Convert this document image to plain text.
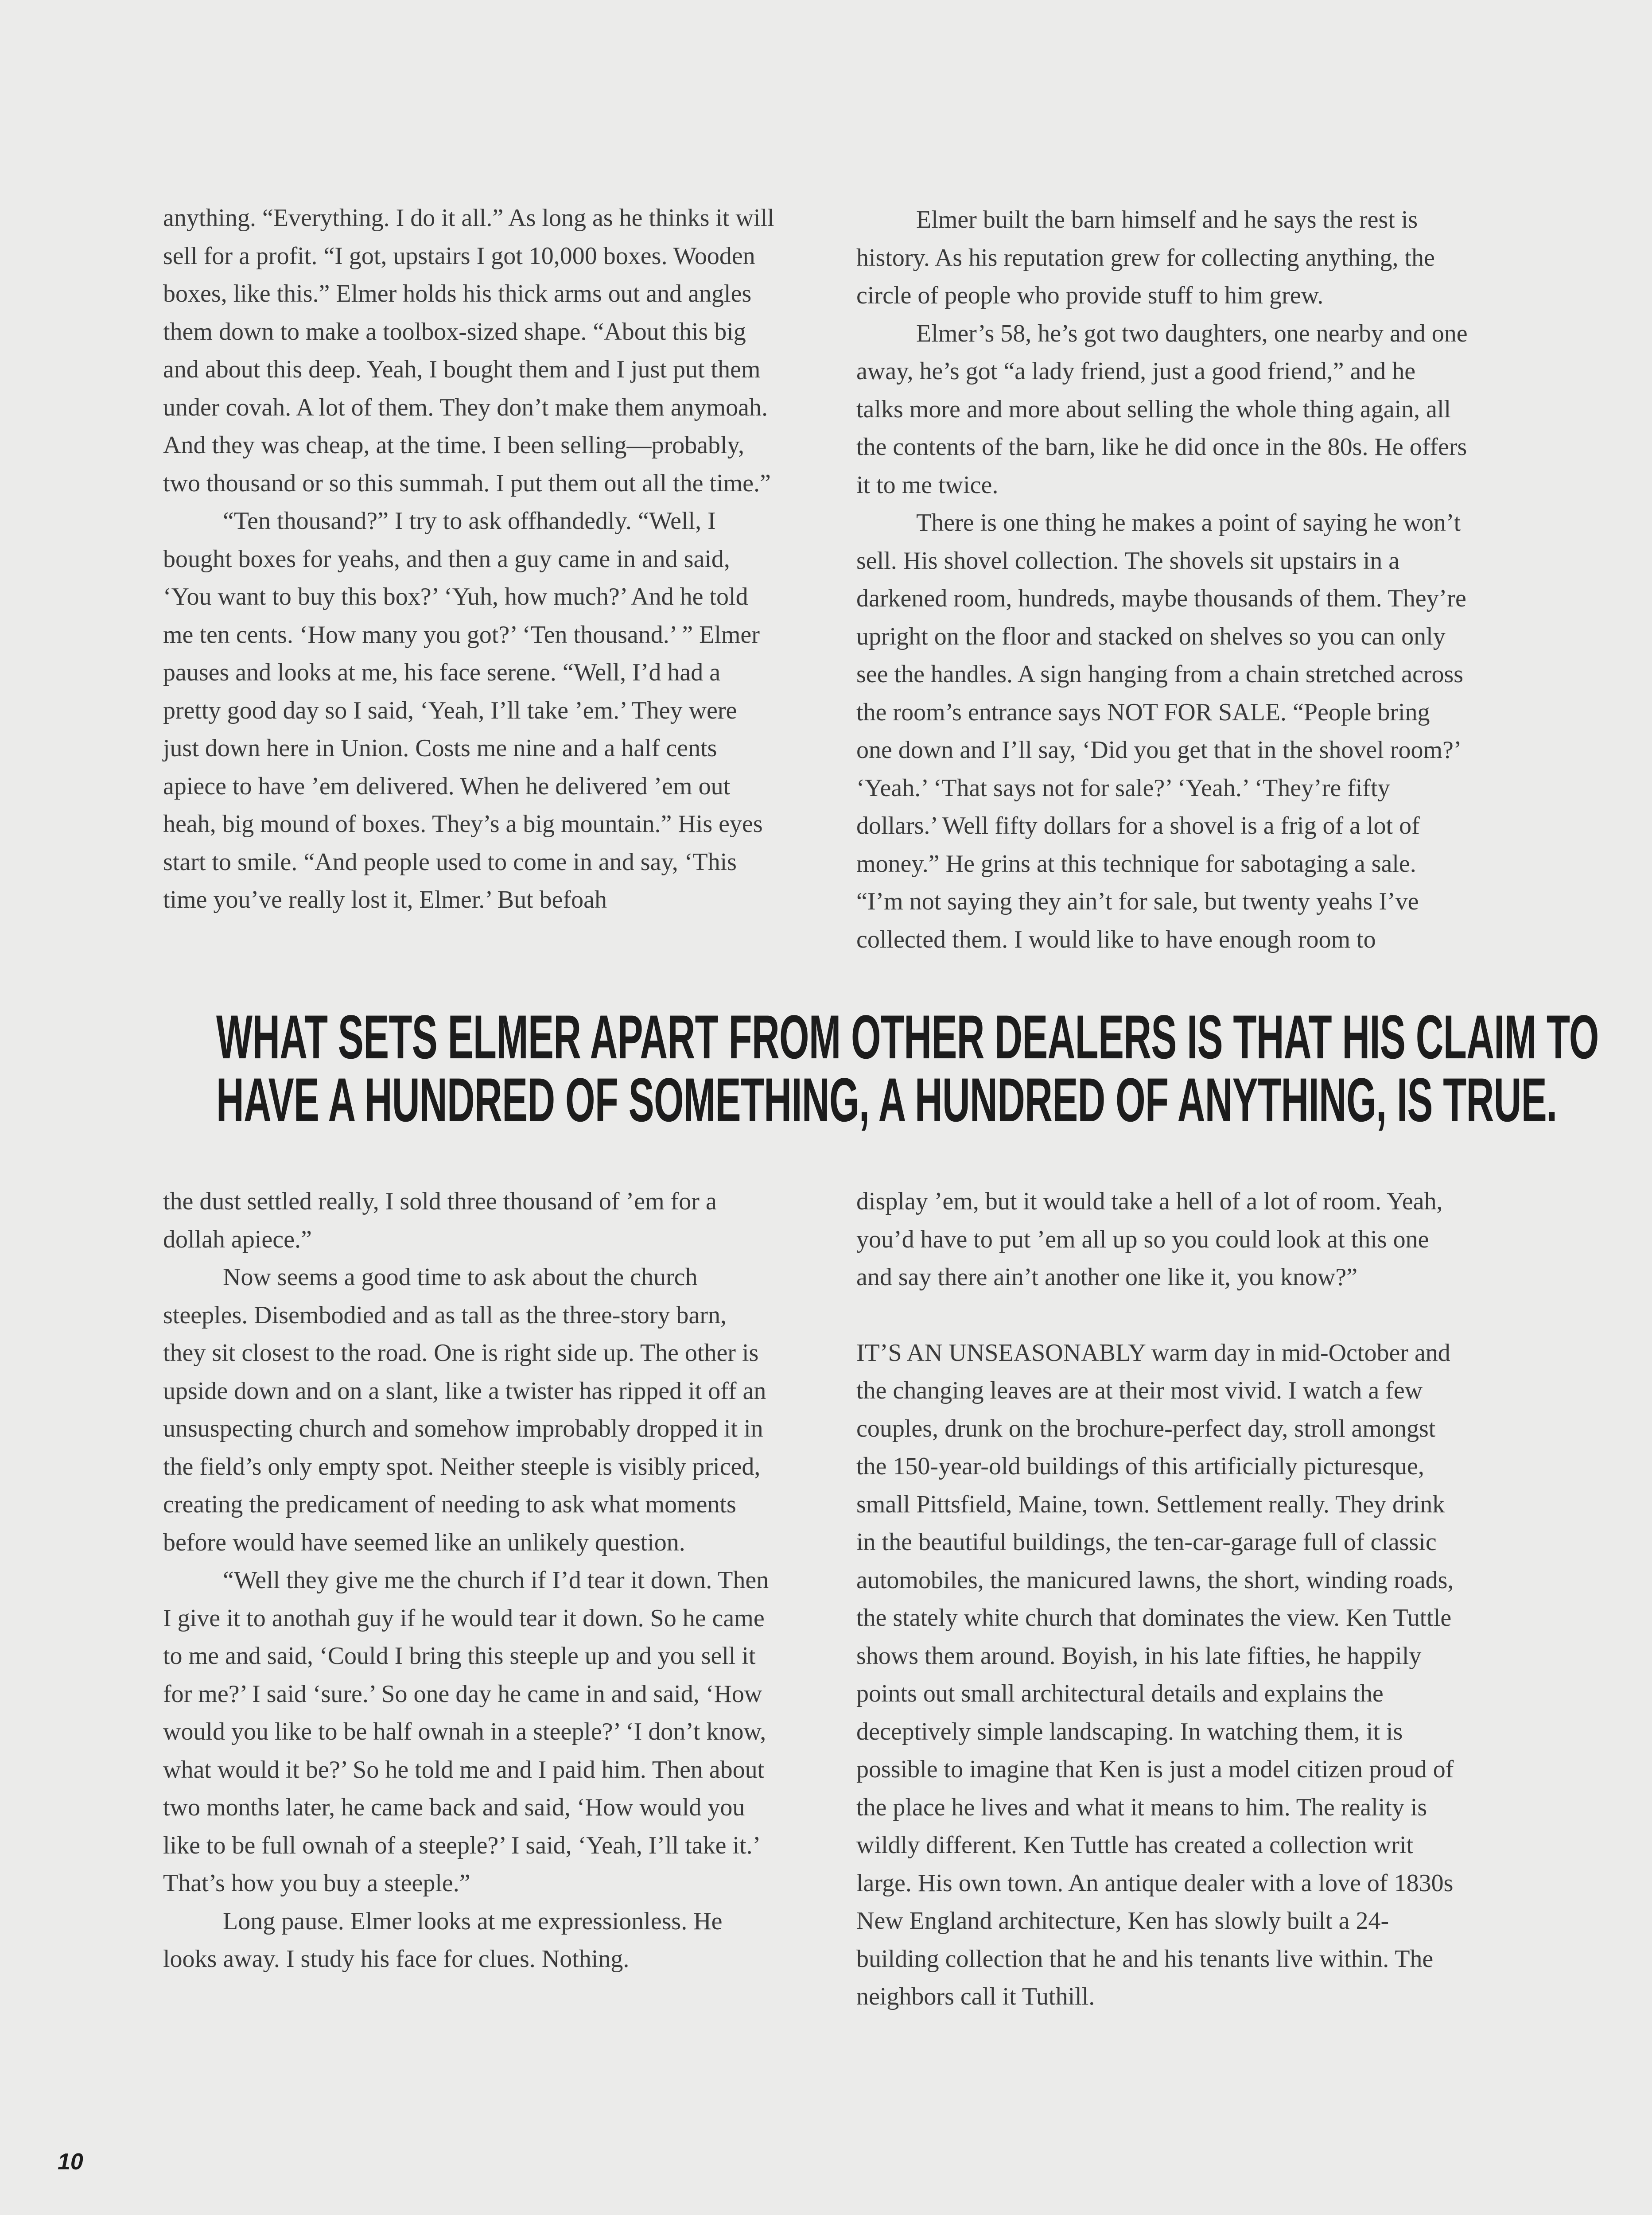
anything. “Everything. I do it all.” As long as he thinks it will sell for a profit. “I got, upstairs I got 10,000 boxes. Wooden boxes, like this.” Elmer holds his thick arms out and angles them down to make a toolbox-sized shape. “About this big and about this deep. Yeah, I bought them and I just put them under covah. A lot of them. They don’t make them anymoah. And they was cheap, at the time. I been selling—probably, two thousand or so this summah. I put them out all the time.”

“Ten thousand?” I try to ask offhandedly. “Well, I bought boxes for yeahs, and then a guy came in and said, ‘You want to buy this box?’ ‘Yuh, how much?’ And he told me ten cents. ‘How many you got?’ ‘Ten thousand.’ ” Elmer pauses and looks at me, his face serene. “Well, I’d had a pretty good day so I said, ‘Yeah, I’ll take ’em.’ They were just down here in Union. Costs me nine and a half cents apiece to have ’em delivered. When he delivered ’em out heah, big mound of boxes. They’s a big mountain.” His eyes start to smile. “And people used to come in and say, ‘This time you’ve really lost it, Elmer.’ But befoah

Elmer built the barn himself and he says the rest is history. As his reputation grew for collecting anything, the circle of people who provide stuff to him grew.

Elmer’s 58, he’s got two daughters, one nearby and one away, he’s got “a lady friend, just a good friend,” and he talks more and more about selling the whole thing again, all the contents of the barn, like he did once in the 80s. He offers it to me twice.

There is one thing he makes a point of saying he won’t sell. His shovel collection. The shovels sit upstairs in a darkened room, hundreds, maybe thousands of them. They’re upright on the floor and stacked on shelves so you can only see the handles. A sign hanging from a chain stretched across the room’s entrance says NOT FOR SALE. “People bring one down and I’ll say, ‘Did you get that in the shovel room?’ ‘Yeah.’ ‘That says not for sale?’ ‘Yeah.’ ‘They’re fifty dollars.’ Well fifty dollars for a shovel is a frig of a lot of money.” He grins at this technique for sabotaging a sale. “I’m not saying they ain’t for sale, but twenty yeahs I’ve collected them. I would like to have enough room to

WHAT SETS ELMER APART FROM OTHER DEALERS IS THAT HIS CLAIM TO
HAVE A HUNDRED OF SOMETHING, A HUNDRED OF ANYTHING, IS TRUE.

the dust settled really, I sold three thousand of ’em for a dollah apiece.”

Now seems a good time to ask about the church steeples. Disembodied and as tall as the three-story barn, they sit closest to the road. One is right side up. The other is upside down and on a slant, like a twister has ripped it off an unsuspecting church and somehow improbably dropped it in the field’s only empty spot. Neither steeple is visibly priced, creating the predicament of needing to ask what moments before would have seemed like an unlikely question.

“Well they give me the church if I’d tear it down. Then I give it to anothah guy if he would tear it down. So he came to me and said, ‘Could I bring this steeple up and you sell it for me?’ I said ‘sure.’ So one day he came in and said, ‘How would you like to be half ownah in a steeple?’ ‘I don’t know, what would it be?’ So he told me and I paid him. Then about two months later, he came back and said, ‘How would you like to be full ownah of a steeple?’ I said, ‘Yeah, I’ll take it.’ That’s how you buy a steeple.”

Long pause. Elmer looks at me expressionless. He looks away. I study his face for clues. Nothing.

display ’em, but it would take a hell of a lot of room. Yeah, you’d have to put ’em all up so you could look at this one and say there ain’t another one like it, you know?”

IT’S AN UNSEASONABLY warm day in mid-October and the changing leaves are at their most vivid. I watch a few couples, drunk on the brochure-perfect day, stroll amongst the 150-year-old buildings of this artificially picturesque, small Pittsfield, Maine, town. Settlement really. They drink in the beautiful buildings, the ten-car-garage full of classic automobiles, the manicured lawns, the short, winding roads, the stately white church that dominates the view. Ken Tuttle shows them around. Boyish, in his late fifties, he happily points out small architectural details and explains the deceptively simple landscaping. In watching them, it is possible to imagine that Ken is just a model citizen proud of the place he lives and what it means to him. The reality is wildly different. Ken Tuttle has created a collection writ large. His own town. An antique dealer with a love of 1830s New England architecture, Ken has slowly built a 24-building collection that he and his tenants live within. The neighbors call it Tuthill.

10
